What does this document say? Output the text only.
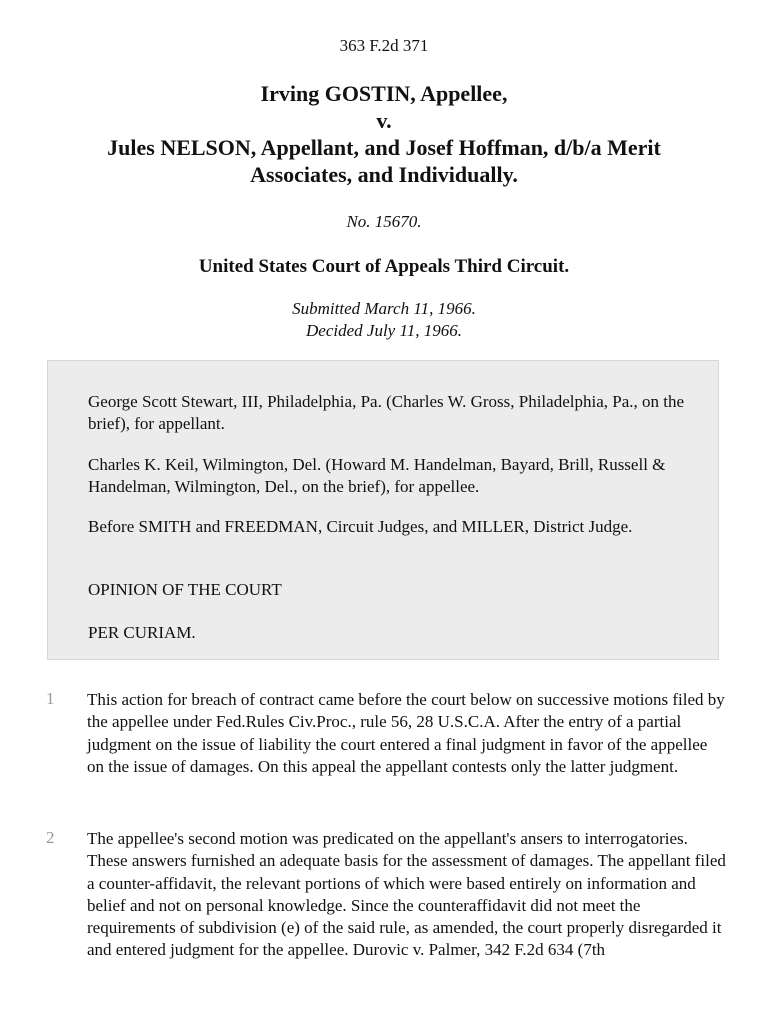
363 F.2d 371
Irving GOSTIN, Appellee,
v.
Jules NELSON, Appellant, and Josef Hoffman, d/b/a Merit
Associates, and Individually.
No. 15670.
United States Court of Appeals Third Circuit.
Submitted March 11, 1966.
Decided July 11, 1966.

George Scott Stewart, III, Philadelphia, Pa. (Charles W. Gross, Philadelphia, Pa., on the brief), for appellant.

Charles K. Keil, Wilmington, Del. (Howard M. Handelman, Bayard, Brill, Russell & Handelman, Wilmington, Del., on the brief), for appellee.

Before SMITH and FREEDMAN, Circuit Judges, and MILLER, District Judge.

OPINION OF THE COURT

PER CURIAM.

1 This action for breach of contract came before the court below on successive motions filed by the appellee under Fed.Rules Civ.Proc., rule 56, 28 U.S.C.A. After the entry of a partial judgment on the issue of liability the court entered a final judgment in favor of the appellee on the issue of damages. On this appeal the appellant contests only the latter judgment.
2 The appellee's second motion was predicated on the appellant's ansers to interrogatories. These answers furnished an adequate basis for the assessment of damages. The appellant filed a counter-affidavit, the relevant portions of which were based entirely on information and belief and not on personal knowledge. Since the counteraffidavit did not meet the requirements of subdivision (e) of the said rule, as amended, the court properly disregarded it and entered judgment for the appellee. Durovic v. Palmer, 342 F.2d 634 (7th
